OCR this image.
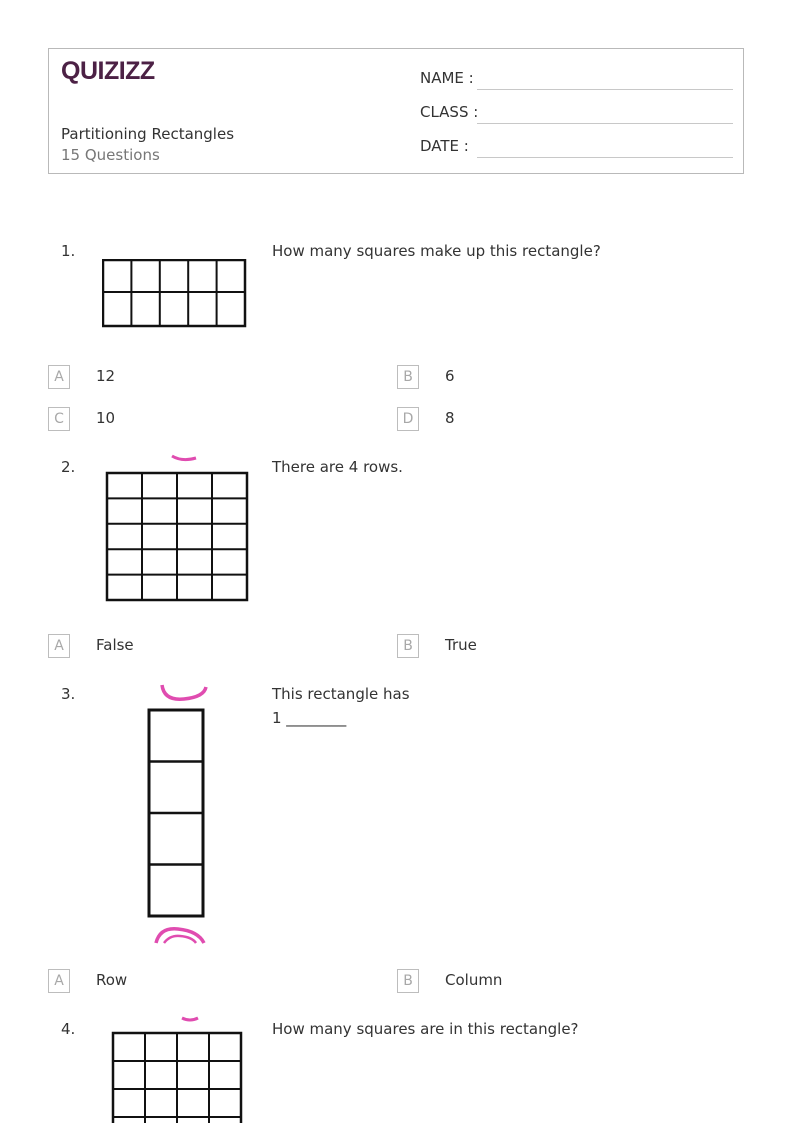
QUIZIZZ
Partitioning Rectangles
15 Questions
NAME :
CLASS :
DATE :
1.	How many squares make up this rectangle?
A	12	B	6
C	10	D	8
2.	There are 4 rows.
A	False	B	True
3.	This rectangle has
1 ________
A	Row	B	Column
4.	How many squares are in this rectangle?
